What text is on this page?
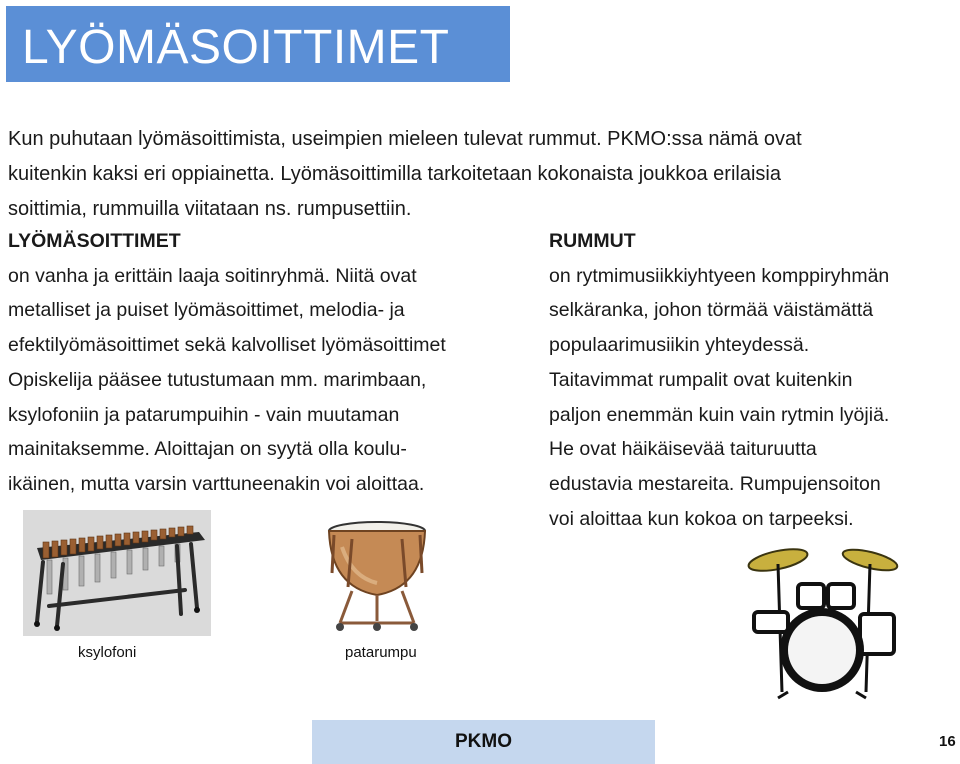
LYÖMÄSOITTIMET

Kun puhutaan lyömäsoittimista, useimpien mieleen tulevat rummut. PKMO:ssa nämä ovat

kuitenkin kaksi eri oppiainetta. Lyömäsoittimilla tarkoitetaan kokonaista joukkoa erilaisia

soittimia, rummuilla viitataan ns. rumpusettiin.

LYÖMÄSOITTIMET
on vanha ja erittäin laaja soitinryhmä. Niitä ovat
metalliset ja puiset lyömäsoittimet, melodia- ja
efektilyömäsoittimet sekä kalvolliset lyömäsoittimet
Opiskelija pääsee tutustumaan mm. marimbaan,
ksylofoniin ja patarumpuihin - vain muutaman
mainitaksemme. Aloittajan on syytä olla koulu-
ikäinen, mutta varsin varttuneenakin voi aloittaa.
RUMMUT
on rytmimusiikkiyhtyeen komppiryhmän
selkäranka, johon törmää väistämättä
populaarimusiikin yhteydessä.
Taitavimmat rumpalit ovat kuitenkin
paljon enemmän kuin vain rytmin lyöjiä.
He ovat häikäisevää taituruutta
edustavia mestareita. Rumpujensoiton
voi aloittaa kun kokoa on tarpeeksi.
ksylofoni	patarumpu
PKMO	16
